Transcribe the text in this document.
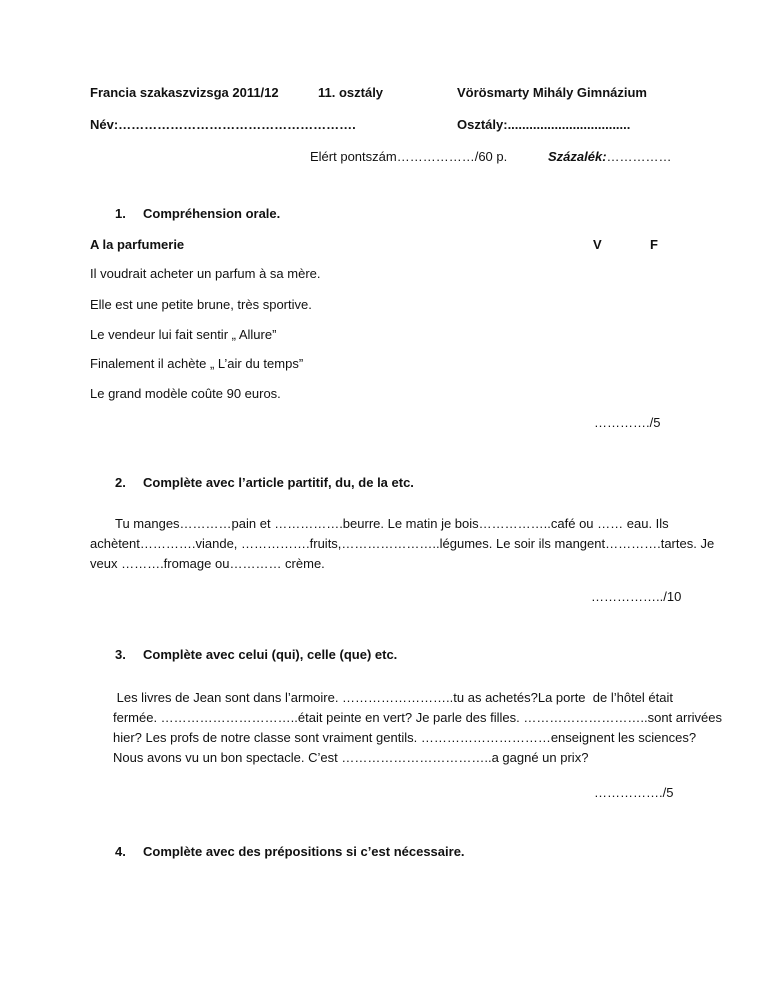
Francia szakaszvizsga 2011/12	11. osztály	Vörösmarty Mihály Gimnázium
Név:……………………………………………….	Osztály:..................................
Elért pontszám………………/60 p.	Százalék:……………
1. Compréhension orale.
A la parfumerie	V	F
Il voudrait acheter un parfum à sa mère.
Elle est une petite brune, très sportive.
Le vendeur lui fait sentir „ Allure”
Finalement il achète „ L’air du temps”
Le grand modèle coûte 90 euros.
…………./5
2. Complète avec l’article partitif, du, de la etc.
Tu manges…………pain et …………….beurre. Le matin je bois……………..café ou …… eau. Ils
achètent………….viande, …………….fruits,…………………..légumes. Le soir ils mangent………….tartes. Je
veux ……….fromage ou………… crème.
……………../10
3. Complète avec celui (qui), celle (que) etc.
Les livres de Jean sont dans l’armoire. ……………………..tu as achetés?La porte  de l’hôtel était
fermée. …………………………..était peinte en vert? Je parle des filles. ………………………..sont arrivées
hier? Les profs de notre classe sont vraiment gentils. …………………………enseignent les sciences?
Nous avons vu un bon spectacle. C’est ……………………………..a gagné un prix?
……………./5
4. Complète avec des prépositions si c’est nécessaire.
